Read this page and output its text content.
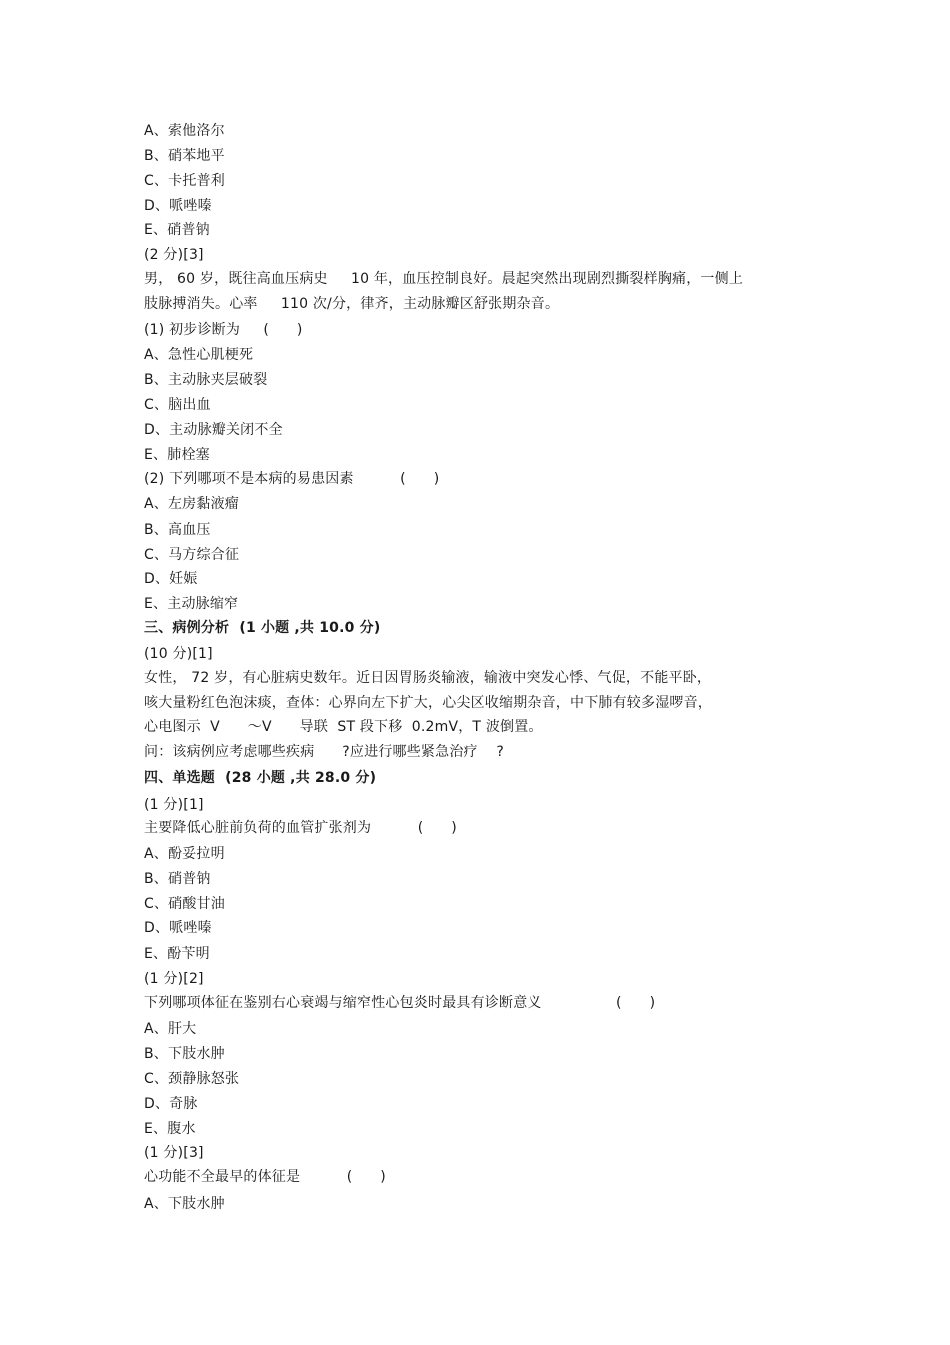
A、索他洛尔
B、硝苯地平
C、卡托普利
D、哌唑嗪
E、硝普钠
(2 分)[3]
男， 60 岁，既往高血压病史     10 年，血压控制良好。晨起突然出现剧烈撕裂样胸痛，一侧上
肢脉搏消失。心率     110 次/分，律齐，主动脉瓣区舒张期杂音。
(1) 初步诊断为     (      )
A、急性心肌梗死
B、主动脉夹层破裂
C、脑出血
D、主动脉瓣关闭不全
E、肺栓塞
(2) 下列哪项不是本病的易患因素          (      )
A、左房黏液瘤
B、高血压
C、马方综合征
D、妊娠
E、主动脉缩窄
三、病例分析  (1 小题 ,共 10.0 分)
(10 分)[1]
女性， 72 岁，有心脏病史数年。近日因胃肠炎输液，输液中突发心悸、气促，不能平卧，
咳大量粉红色泡沫痰，查体：心界向左下扩大，心尖区收缩期杂音，中下肺有较多湿啰音，
心电图示  V      ～V      导联  ST 段下移  0.2mV，T 波倒置。
问：该病例应考虑哪些疾病      ?应进行哪些紧急治疗    ?
四、单选题  (28 小题 ,共 28.0 分)
(1 分)[1]
主要降低心脏前负荷的血管扩张剂为          (      )
A、酚妥拉明
B、硝普钠
C、硝酸甘油
D、哌唑嗪
E、酚苄明
(1 分)[2]
下列哪项体征在鉴别右心衰竭与缩窄性心包炎时最具有诊断意义                (      )
A、肝大
B、下肢水肿
C、颈静脉怒张
D、奇脉
E、腹水
(1 分)[3]
心功能不全最早的体征是          (      )
A、下肢水肿
